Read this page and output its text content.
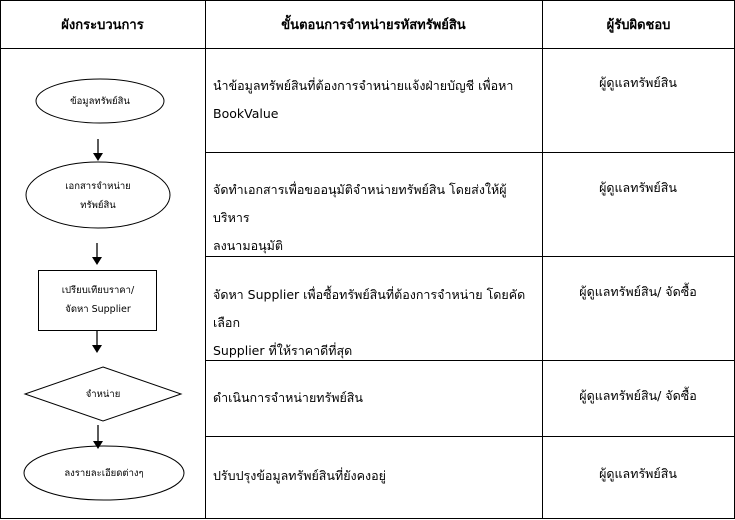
ผังกระบวนการ	ขั้นตอนการจำหน่ายรหัสทรัพย์สิน	ผู้รับผิดชอบ
ข้อมูลทรัพย์สิน
เอกสารจำหน่าย
ทรัพย์สิน
เปรียบเทียบราคา/
จัดหา Supplier
จำหน่าย
ลงรายละเอียดต่างๆ
นำข้อมูลทรัพย์สินที่ต้องการจำหน่ายแจ้งฝ่ายบัญชี เพื่อหา
BookValue
จัดทำเอกสารเพื่อขออนุมัติจำหน่ายทรัพย์สิน โดยส่งให้ผู้บริหาร
ลงนามอนุมัติ
จัดหา Supplier เพื่อซื้อทรัพย์สินที่ต้องการจำหน่าย โดยคัดเลือก
Supplier ที่ให้ราคาดีที่สุด
ดำเนินการจำหน่ายทรัพย์สิน
ปรับปรุงข้อมูลทรัพย์สินที่ยังคงอยู่
ผู้ดูแลทรัพย์สิน
ผู้ดูแลทรัพย์สิน
ผู้ดูแลทรัพย์สิน/ จัดซื้อ
ผู้ดูแลทรัพย์สิน/ จัดซื้อ
ผู้ดูแลทรัพย์สิน
